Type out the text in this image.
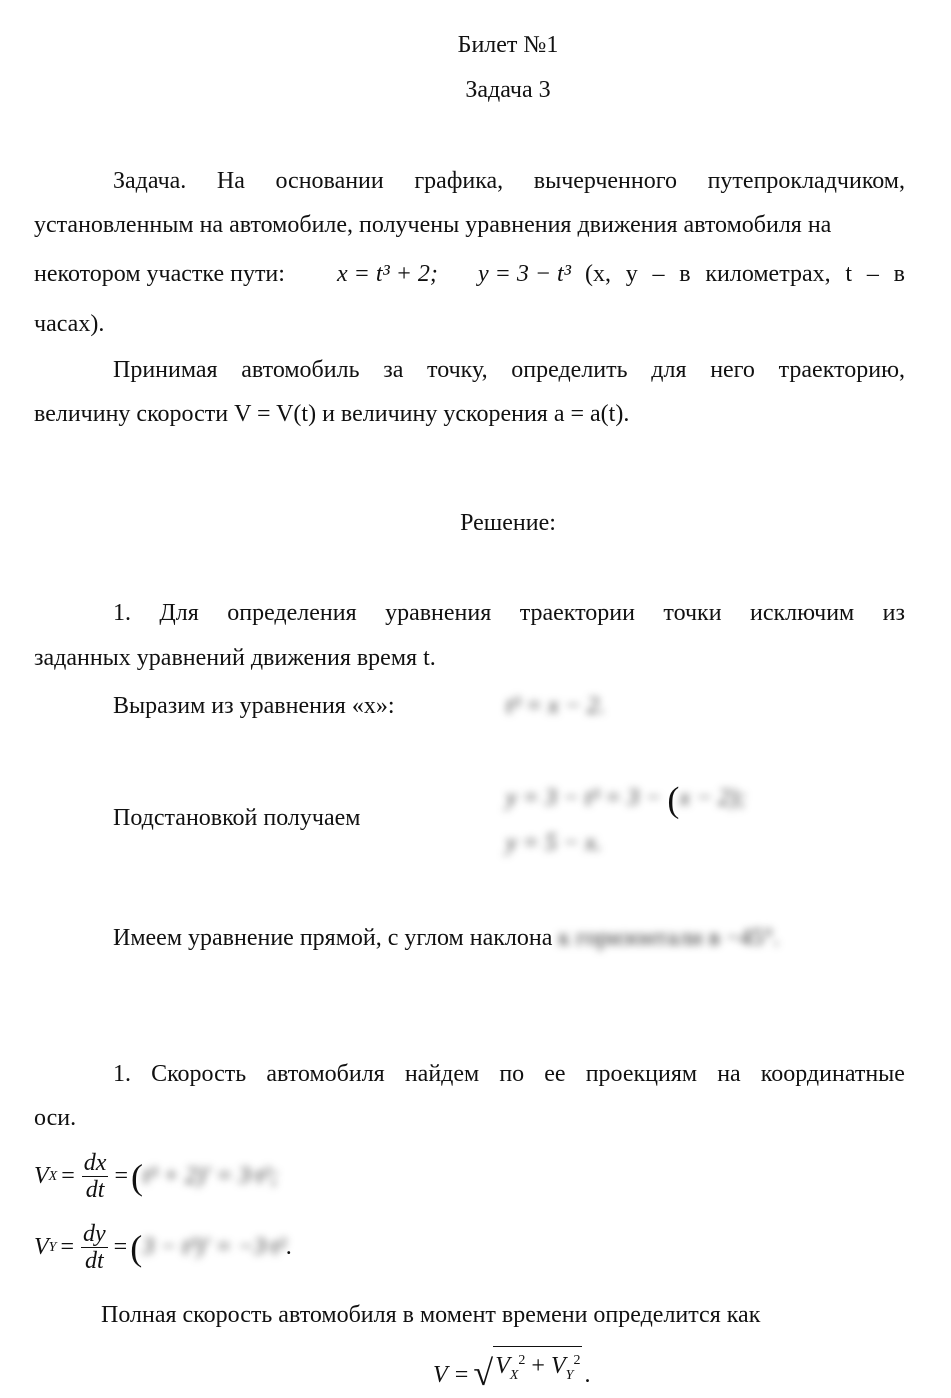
Билет №1
Задача 3
Задача. На основании графика, вычерченного путепрокладчиком,
установленным на автомобиле, получены уравнения движения автомобиля на
некотором участке пути: x = t³ + 2; y = 3 − t³ (x, y – в километрах, t – в
часах).
Принимая автомобиль за точку, определить для него траекторию,
величину скорости V = V(t) и величину ускорения a = a(t).
Решение:
1. Для определения уравнения траектории точки исключим из
заданных уравнений движения время t.
Выразим из уравнения «x»:	t³ = x − 2.
Подстановкой получаем
y = 3 − t³ = 3 − (x − 2);
y = 5 − x.
Имеем уравнение прямой, с углом наклона к горизонтали в −45°.
1. Скорость автомобиля найдем по ее проекциям на координатные
оси.
V $X = \frac{dx}{dt}$ = ( t³ + 2)′ = 3·t²;
V $Y = \frac{dy}{dt}$ = ( 3 − t³)′ = −3·t² .
Полная скорость автомобиля в момент времени определится как
V = √ $V_X^2 + V_Y^2$
.
